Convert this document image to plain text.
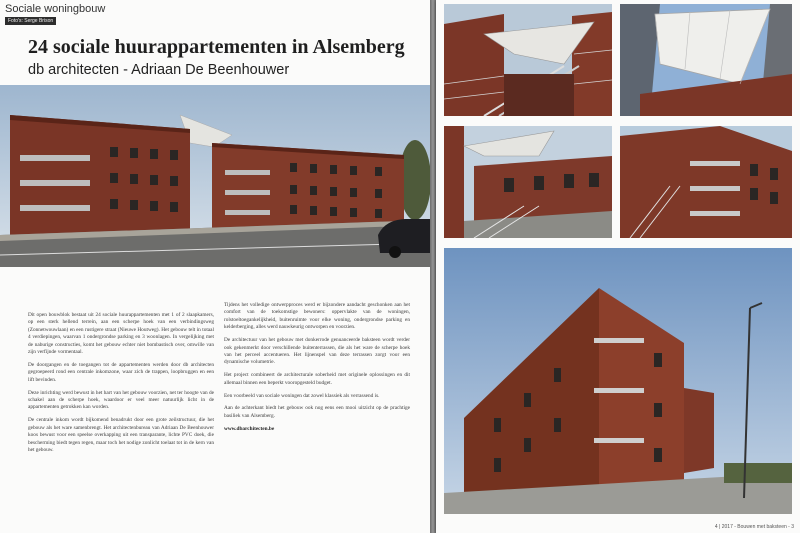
Sociale woningbouw
Foto's: Serge Brison
24 sociale huurappartementen in Alsemberg
db architecten - Adriaan De Beenhouwer

Dit open bouwblok bestaat uit 24 sociale huurappartementen met 1 of 2 slaapkamers, op een sterk hellend terrein, aan een scherpe hoek van een verbindingsweg (Zonnetwouwlaan) en een rustigere straat (Nieuwe Houtweg). Het gebouw telt in totaal 4 verdiepingen, waarvan 1 ondergrondse parking en 3 woonlagen. In vergelijking met de naburige constructies, komt het gebouw echter niet bombastisch over, omwille van zijn verfijnde vormentaal.

De doorgangen en de toegangen tot de appartementen werden door db architecten gegroepeerd rond een centrale inkomzone, waar zich de trappen, loopbruggen en een lift bevinden.

Deze inrichting werd bewust in het hart van het gebouw voorzien, net ter hoogte van de schakel aan de scherpe hoek, waardoor er veel meer natuurlijk licht in de appartementen getrokken kan worden.

De centrale inkom wordt bijkomend benadrukt door een grote zeilstructuur, die het gebouw als het ware samenbrengt. Het architectenbureau van Adriaan De Beenhouwer koos bewust voor een speelse overkapping uit een transparante, lichte PVC doek, die bescherming biedt tegen regen, maar toch het nodige zonlicht toelaat tot in de kern van het gebouw.

Tijdens het volledige ontwerpproces werd er bijzondere aandacht geschonken aan het comfort van de toekomstige bewoners: oppervlakte van de woningen, rolstoeltoegankelijkheid, buitenruimte voor elke woning, ondergrondse parking en kelderberging, alles werd nauwkeurig ontworpen en voorzien.

De architectuur van het gebouw met donkerrode genuanceerde baksteen wordt verder ook gekenmerkt door verschillende buitenterrassen, die als het ware de scherpe hoek van het perceel accentueren. Het lijnenspel van deze terrassen zorgt voor een dynamische volumetrie.

Het project combineert de architecturale soberheid met originele oplossingen en dit allemaal binnen een beperkt vooropgesteld budget.

Een voorbeeld van sociale woningen dat zowel klassiek als verrassend is.

Aan de achterkant biedt het gebouw ook nog eens een mooi uitzicht op de prachtige basiliek van Alsemberg.

www.dbarchitecten.be

4 | 2017 - Bouwen met baksteen - 3
